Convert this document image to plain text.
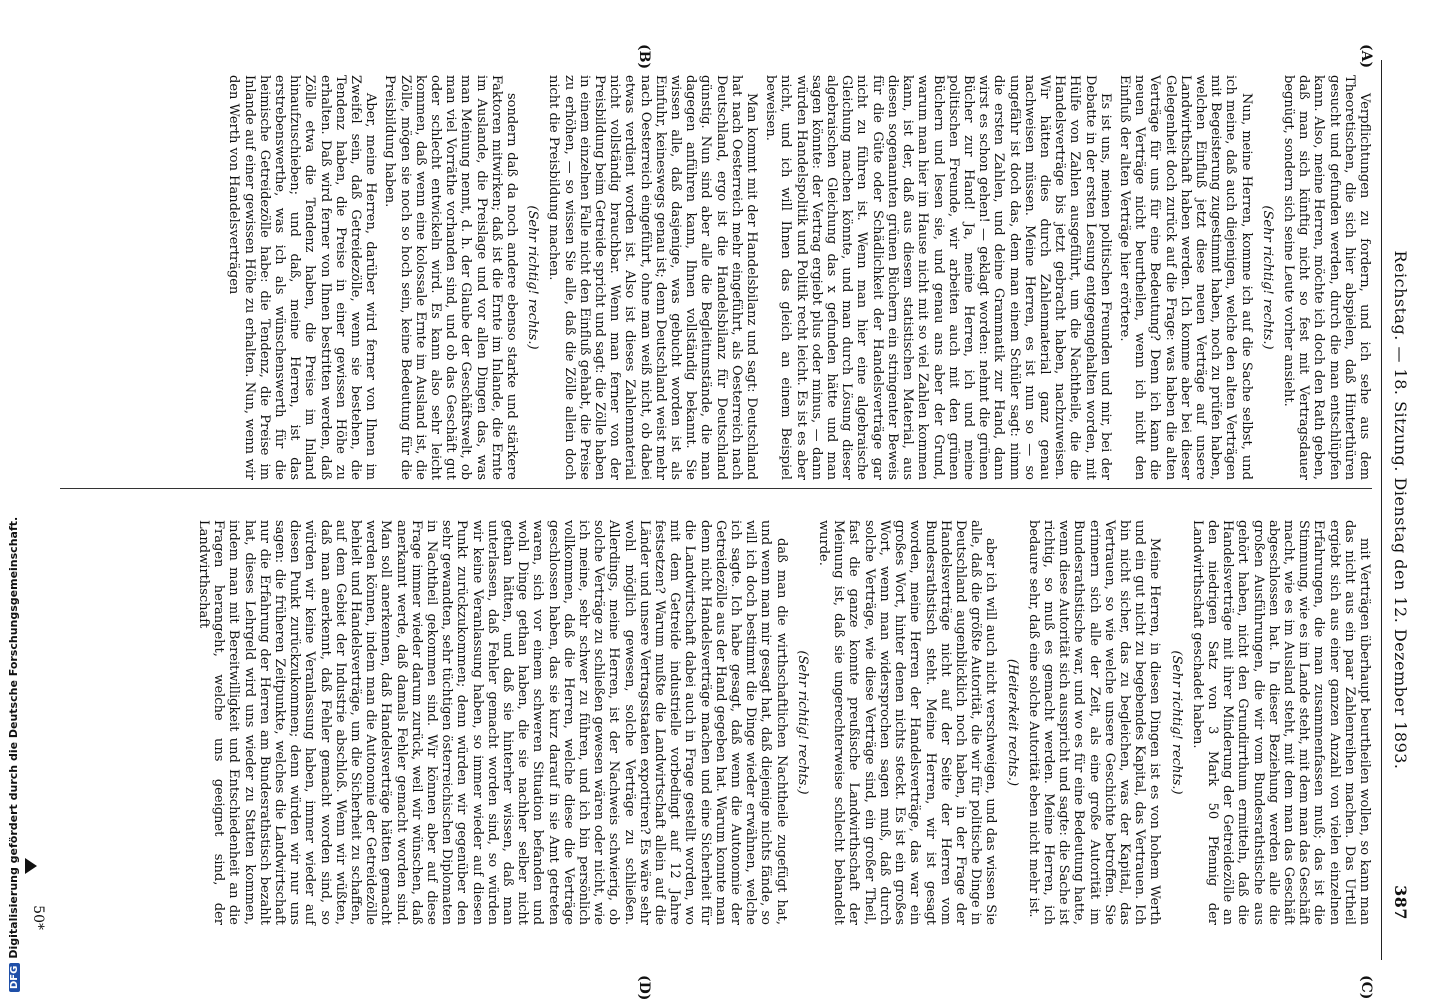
Reichstag. — 18. Sitzung. Dienstag den 12. Dezember 1893.
387
(A)
(B)
(C)
(D)

Verpflichtungen zu fordern, und ich sehe aus dem Theoretischen, die sich hier abspielen, daß Hinterthüren gesucht und gefunden werden, durch die man entschlüpfen kann. Also, meine Herren, möchte ich doch den Rath geben, daß man sich künftig nicht so fest mit Vertragsdauer begnügt, sondern sich seine Leute vorher ansieht.

(Sehr richtig! rechts.)

Nun, meine Herren, komme ich auf die Sache selbst, und ich meine, daß auch diejenigen, welche den alten Verträgen mit Begeisterung zugestimmt haben, noch zu prüfen haben, welchen Einfluß jetzt diese neuen Verträge auf unsere Landwirthschaft haben werden. Ich komme aber bei dieser Gelegenheit doch zurück auf die Frage: was haben die alten Verträge für uns für eine Bedeutung? Denn ich kann die neuen Verträge nicht beurtheilen, wenn ich nicht den Einfluß der alten Verträge hier erörtere.

Es ist uns, meinen politischen Freunden und mir, bei der Debatte in der ersten Lesung entgegengehalten worden, mit Hülfe von Zahlen ausgeführt, um die Nachtheile, die die Handelsverträge bis jetzt gebracht haben, nachzuweisen. Wir hätten dies durch Zahlenmaterial ganz genau nachweisen müssen. Meine Herren, es ist nun so — so ungefähr ist doch das, dem man einem Schüler sagt: nimm die ersten Zahlen, und deine Grammatik zur Hand, dann wirst es schon gehen! — geklagt worden: nehmt die grünen Bücher zur Hand! Ja, meine Herren, ich und meine politischen Freunde, wir arbeiten auch mit den grünen Büchern und lesen sie, und genau ans aber der Grund, warum man hier im Hause nicht mit so viel Zahlen kommen kann, ist der, daß aus diesem statistischen Material, aus diesen sogenannten grünen Büchern ein stringenter Beweis für die Güte oder Schädlichkeit der Handelsverträge gar nicht zu führen ist. Wenn man hier eine algebraische Gleichung machen könnte, und man durch Lösung dieser algebraischen Gleichung das x gefunden hätte und man sagen könnte: der Vertrag ergiebt plus oder minus, — dann würden Handelspolitik und Politik recht leicht. Es ist es aber nicht, und ich will Ihnen das gleich an einem Beispiel beweisen.

Man kommt mit der Handelsbilanz und sagt: Deutschland hat nach Oesterreich mehr eingeführt, als Oesterreich nach Deutschland, ergo ist die Handelsbilanz für Deutschland günstig. Nun sind aber alle die Begleitumstände, die man dagegen anführen kann, Ihnen vollständig bekannt. Sie wissen alle, daß dasjenige, was gebucht worden ist als Einfuhr, keineswegs genau ist; denn Deutschland weist mehr nach Oesterreich eingeführt, ohne man weiß nicht, ob dabei etwas verdient worden ist. Also ist dieses Zahlenmaterial nicht vollständig brauchbar. Wenn man ferner von der Preisbildung beim Getreide spricht und sagt: die Zölle haben in einem einzelnen Falle nicht den Einfluß gehabt, die Preise zu erhöhen, — so wissen Sie alle, daß die Zölle allein doch nicht die Preisbildung machen.

(Sehr richtig! rechts.)

sondern daß da noch andere ebenso starke und stärkere Faktoren mitwirken; daß ist die Ernte im Inlande, die Ernte im Auslande, die Preislage und vor allen Dingen das, was man Meinung nennt, d. h. der Glaube der Geschäftswelt, ob man viel Vorräthe vorhanden sind, und ob das Geschäft gut oder schlecht entwickeln wird. Es kann also sehr leicht kommen, daß wenn eine kolossale Ernte im Ausland ist, die Zölle, mögen sie noch so hoch sein, keine Bedeutung für die Preisbildung haben.

Aber, meine Herren, darüber wird ferner von Ihnen im Zweifel sein, daß Getreidezölle, wenn sie bestehen, die Tendenz haben, die Preise in einer gewissen Höhe zu erhalten. Daß wird ferner von Ihnen bestritten werden, daß Zölle etwa die Tendenz haben, die Preise im Inland hinaufzuschieben; und daß, meine Herren, ist das erstrebenswerthe, was ich als wünschenswerth für die heimische Getreidezölle habe: die Tendenz, die Preise im Inlande auf einer gewissen Höhe zu erhalten. Nun, wenn wir den Werth von Handelsverträgen

mit Verträgen überhaupt beurtheilen wollen, so kann man das nicht aus ein paar Zahlenreihen machen. Das Urtheil ergiebt sich aus einer ganzen Anzahl von vielen einzelnen Erfahrungen, die man zusammenfassen muß; das ist die Stimmung, wie es im Lande steht, mit dem man das Geschäft macht, wie es im Ausland steht, mit dem man das Geschäft abgeschlossen hat. In dieser Beziehung werden alle die großen Ausführungen, die wir vom Bundesrathstische aus gehört haben, nicht den Grundirrthum ermitteln, daß die Handelsverträge mit ihrer Minderung der Getreidezölle an den niedrigen Satz von 3 Mark 50 Pfennig der Landwirthschaft geschadet haben.

(Sehr richtig! rechts.)

Meine Herren, in diesen Dingen ist es von hohem Werth und ein gut nicht zu begebendes Kapital, das Vertrauen. Ich bin nicht sicher, das zu begleichen, was der Kapital, das Vertrauen, so wie welche unsere Geschichte betroffen. Sie erinnern sich alle der Zeit, als eine große Autorität im Bundesrathstische war, und wo es für eine Bedeutung hatte, wenn diese Autorität sich ausspricht und sagte: die Sache ist richtig, so muß es gemacht werden. Meine Herren, ich bedaure sehr, daß eine solche Autorität eben nicht mehr ist.

(Heiterkeit rechts.)

aber ich will auch nicht verschweigen, und das wissen Sie alle, daß die größte Autorität, die wir für politische Dinge in Deutschland augenblicklich noch haben, in der Frage der Handelsverträge nicht auf der Seite der Herren vom Bundesrathstisch steht. Meine Herren, wir ist gesagt worden, meine Herren der Handelsverträge, das war ein großes Wort, hinter denen nichts steckt. Es ist ein großes Wort, wenn man widersprochen sagen muß, daß durch solche Verträge, wie diese Verträge sind, ein großer Theil, fast die ganze konnte preußische Landwirthschaft der Meinung ist, daß sie ungerechterweise schlecht behandelt wurde.

(Sehr richtig! rechts.)

daß man die wirthschaftlichen Nachtheile zugefügt hat, und wenn man mir gesagt hat, daß diejenige nichts fände, so will ich doch bestimmt die Dinge wieder erwähnen, welche ich sagte. Ich habe gesagt, daß wenn die Autonomie der Getreidezölle aus der Hand gegeben hat. Warum konnte man denn nicht Handelsverträge machen und eine Sicherheit für die Landwirtschaft dabei auch in Frage gestellt worden, wo mit dem Getreide industrielle vorbedingt auf 12 Jahre festsetzen? Warum mußte die Landwirtschaft allein auf die Länder und unsere Vertragsstaaten exportiren? Es wäre sehr wohl möglich gewesen, solche Verträge zu schließen. Allerdings, meine Herren, ist der Nachweis schwierig, ob solche Verträge zu schließen gewesen wären oder nicht, wie ich meine, sehr schwer zu führen, und ich bin persönlich vollkommen, daß die Herren, welche diese die Verträge geschlossen haben, das sie kurz darauf in sie Amt getreten waren, sich vor einem schweren Situation befanden und wohl Dinge gethan haben, die sie nachher selber nicht gethan hätten, und daß sie hinterher wissen, daß man unterlassen, daß Fehler gemacht worden sind, so würden wir keine Veranlassung haben, so immer wieder auf diesen Punkt zurückzukommen; denn würden wir gegenüber den sehr gewandten, sehr tüchtigen österreichischen Diplomaten in Nachtheil gekommen sind. Wir können aber auf diese Frage immer wieder darum zurück, weil wir wünschen, daß anerkannt werde, daß damals Fehler gemacht worden sind. Man soll anerkennen, daß Handelsverträge hätten gemacht werden können, indem man die Autonomie der Getreidezölle behielt und Handelsverträge, um die Sicherheit zu schaffen, auf dem Gebiet der Industrie abschloß. Wenn wir wüßten, daß man anerkennt, daß Fehler gemacht worden sind, so würden wir keine Veranlassung haben, immer wieder auf diesen Punkt zurückzukommen; denn würden wir nur uns sagen: die früheren Zeitpunkte, welches die Landwirtschaft nur die Erfahrung der Herren am Bundesrathstisch bezahlt hat, dieses Lehrgeld wird uns wieder zu Statten kommen, indem man mit Bereitwilligkeit und Entschiedenheit an die Fragen herangeht, welche uns geeignet sind, der Landwirthschaft

50*
DFGDigitalisierung gefördert durch die Deutsche Forschungsgemeinschaft.
